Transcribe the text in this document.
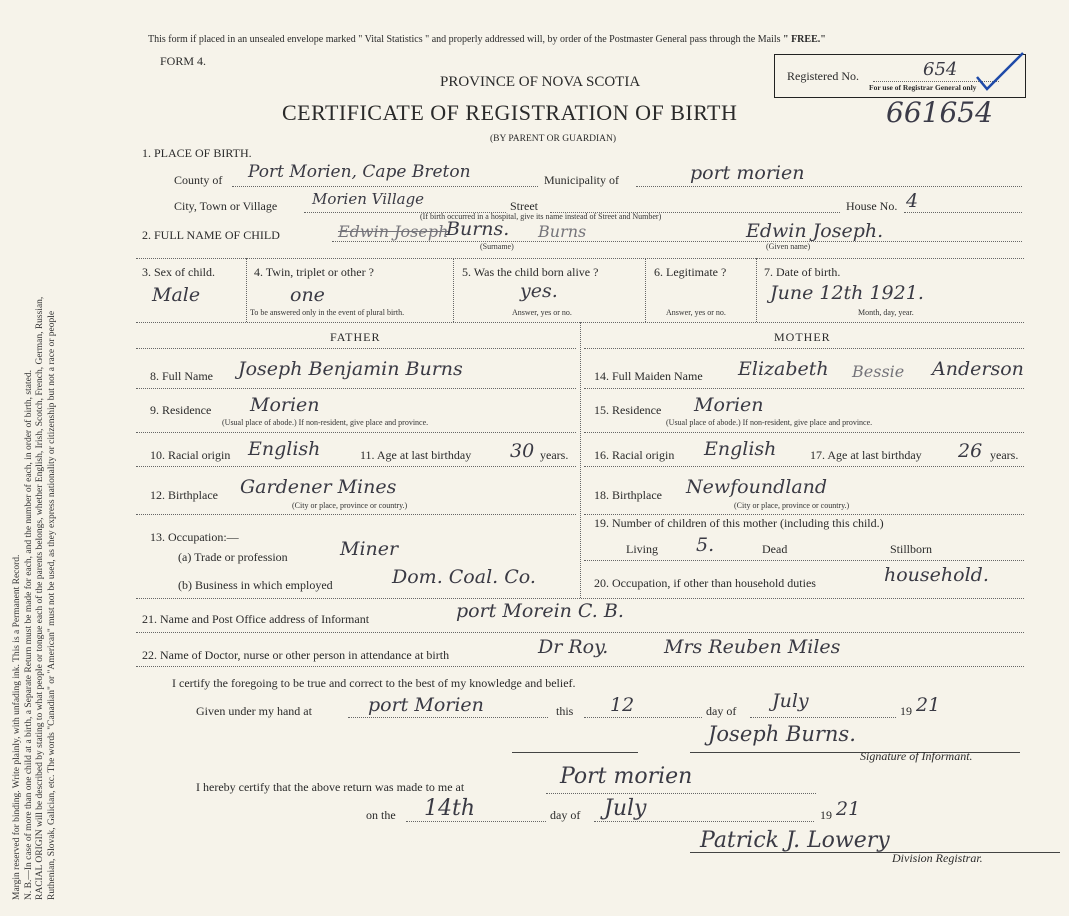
Margin reserved for binding. Write plainly, with unfading ink. This is a Permanent Record. N. B.—In case of more than one child at a birth, a Separate Return must be made for each, and the number of each, in order of birth, stated. RACIAL ORIGIN will be described by stating to what people or tongue each of the parents belongs, whether English, Irish, Scotch, French, German, Russian, Ruthenian, Slovak, Galician, etc. The words "Canadian" or "American" must not be used, as they express nationality or citizenship but not a race or people
This form if placed in an unsealed envelope marked " Vital Statistics " and properly addressed will, by order of the Postmaster General pass through the Mails " FREE."
FORM 4.
PROVINCE OF NOVA SCOTIA
CERTIFICATE OF REGISTRATION OF BIRTH
(BY PARENT OR GUARDIAN)
661654
Registered No.	654
For use of Registrar General only
1. PLACE OF BIRTH.
County of Port Morien, Cape Breton	Municipality of	port morien
City, Town or Village Morien Village	Street	House No. 4
(If birth occurred in a hospital, give its name instead of Street and Number)
2. FULL NAME OF CHILD	Edwin Joseph
Burns. Burns
(Surname)
Edwin Joseph.
(Given name)
3. Sex of child.
Male
4. Twin, triplet or other ?
one
To be answered only in the event of plural birth.
5. Was the child born alive ?
yes.
Answer, yes or no.
6. Legitimate ?
Answer, yes or no.
7. Date of birth.
June 12th 1921.
Month, day, year.
FATHER	MOTHER
8. Full Name Joseph Benjamin Burns
9. Residence Morien
(Usual place of abode.) If non-resident, give place and province.
10. Racial origin English	11. Age at last birthday 30 years.
12. Birthplace Gardener Mines
(City or place, province or country.)
13. Occupation:—
(a) Trade or profession	Miner
(b) Business in which employed	Dom. Coal. Co.
14. Full Maiden Name Elizabeth Bessie Anderson
15. Residence Morien
(Usual place of abode.) If non-resident, give place and province.
16. Racial origin English	17. Age at last birthday 26 years.
18. Birthplace Newfoundland
(City or place, province or country.)
19. Number of children of this mother (including this child.)
Living 5.	Dead	Stillborn
20. Occupation, if other than household duties	household.
21. Name and Post Office address of Informant	port Morein C. B.
22. Name of Doctor, nurse or other person in attendance at birth	Dr Roy.	Mrs Reuben Miles
I certify the foregoing to be true and correct to the best of my knowledge and belief.
Given under my hand at	port Morien	this 12	day of July	19 21
Joseph Burns.
Signature of Informant.
I hereby certify that the above return was made to me at	Port morien
on the 14th	day of July	19 21
Patrick J. Lowery
Division Registrar.
